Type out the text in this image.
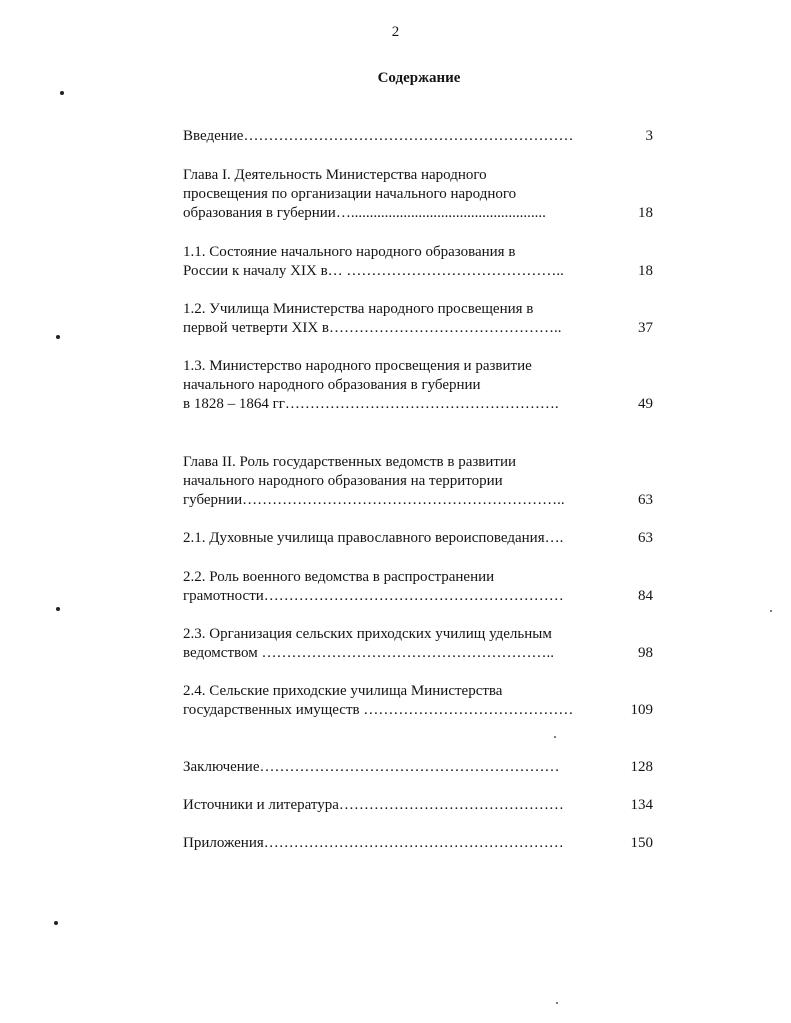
2
Содержание
Введение…………………………………………………………	3
Глава I. Деятельность Министерства народного
просвещения по организации начального народного
образования в губернии…....................................................	18
1.1. Состояние начального народного образования в
России к началу XIX в… ……………………………………..	18
1.2. Училища Министерства народного просвещения в
первой четверти XIX в………………………………………..	37
1.3. Министерство народного просвещения и развитие
начального народного образования в губернии
в 1828 – 1864 гг……………………………………………….	49
Глава II. Роль государственных ведомств в развитии
начального народного образования на территории
губернии………………………………………………………..	63
2.1. Духовные училища православного вероисповедания….	63
2.2. Роль военного ведомства в распространении
грамотности……………………………………………………	84
2.3. Организация сельских приходских училищ удельным
ведомством …………………………………………………..	98
2.4. Сельские приходские училища Министерства
государственных имуществ ……………………………………	109
Заключение……………………………………………………	128
Источники и литература………………………………………	134
Приложения……………………………………………………	150
